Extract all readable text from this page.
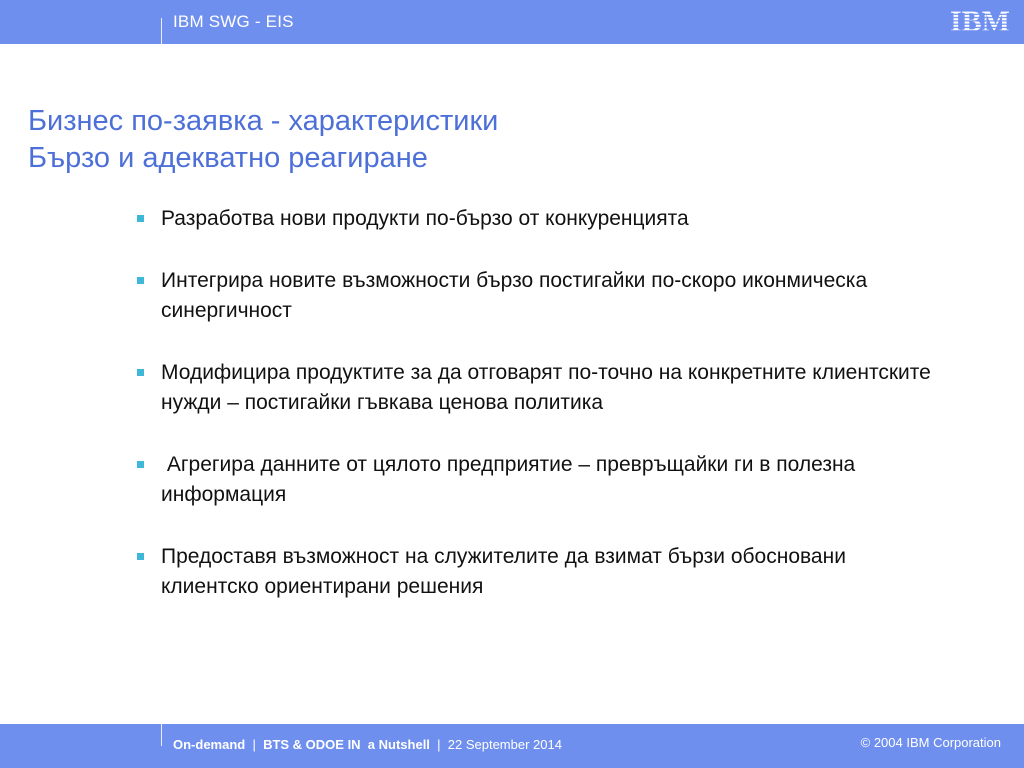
IBM SWG - EIS	IBM
Бизнес по-заявка - характеристики
Бързо и адекватно реагиране
Разработва нови продукти по-бързо от конкуренцията
Интегрира новите възможности бързо постигайки по-скоро иконмическа синергичност
Модифицира продуктите за да отговарят по-точно на конкретните клиентските нужди – постигайки гъвкава ценова политика
Агрегира данните от цялото предприятие – превръщайки ги в полезна информация
Предоставя възможност на служителите да взимат бързи обосновани клиентско ориентирани решения
On-demand  |  BTS & ODOE IN  a Nutshell  |  22 September 2014	© 2004 IBM Corporation
